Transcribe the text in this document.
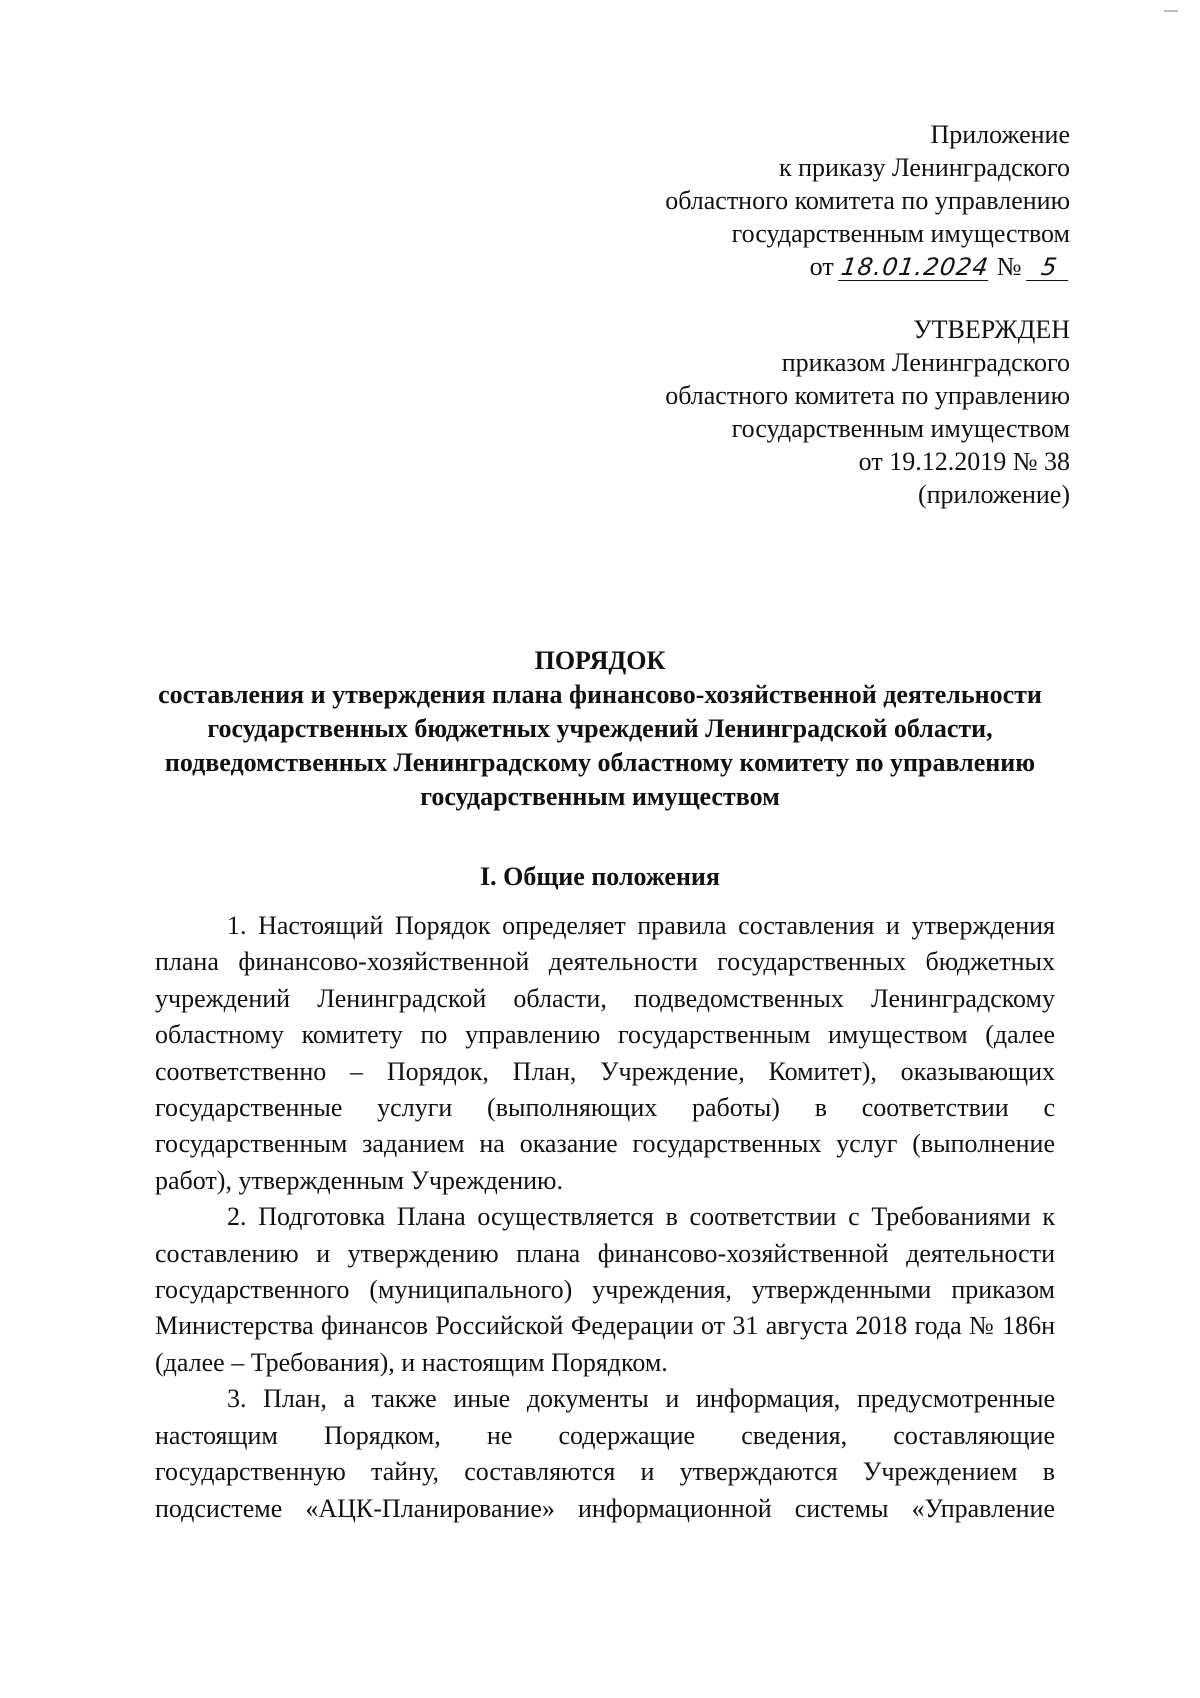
Приложение
к приказу Ленинградского
областного комитета по управлению
государственным имуществом
от 18.01.2024 № 5
УТВЕРЖДЕН
приказом Ленинградского
областного комитета по управлению
государственным имуществом
от 19.12.2019 № 38
(приложение)
ПОРЯДОК
составления и утверждения плана финансово-хозяйственной деятельности
государственных бюджетных учреждений Ленинградской области,
подведомственных Ленинградскому областному комитету по управлению
государственным имуществом
I. Общие положения
1. Настоящий Порядок определяет правила составления и утверждения
плана финансово-хозяйственной деятельности государственных бюджетных
учреждений Ленинградской области, подведомственных Ленинградскому
областному комитету по управлению государственным имуществом (далее
соответственно – Порядок, План, Учреждение, Комитет), оказывающих
государственные услуги (выполняющих работы) в соответствии с
государственным заданием на оказание государственных услуг (выполнение
работ), утвержденным Учреждению.
2. Подготовка Плана осуществляется в соответствии с Требованиями к
составлению и утверждению плана финансово-хозяйственной деятельности
государственного (муниципального) учреждения, утвержденными приказом
Министерства финансов Российской Федерации от 31 августа 2018 года № 186н
(далее – Требования), и настоящим Порядком.
3. План, а также иные документы и информация, предусмотренные
настоящим Порядком, не содержащие сведения, составляющие
государственную тайну, составляются и утверждаются Учреждением в
подсистеме «АЦК-Планирование» информационной системы «Управление
